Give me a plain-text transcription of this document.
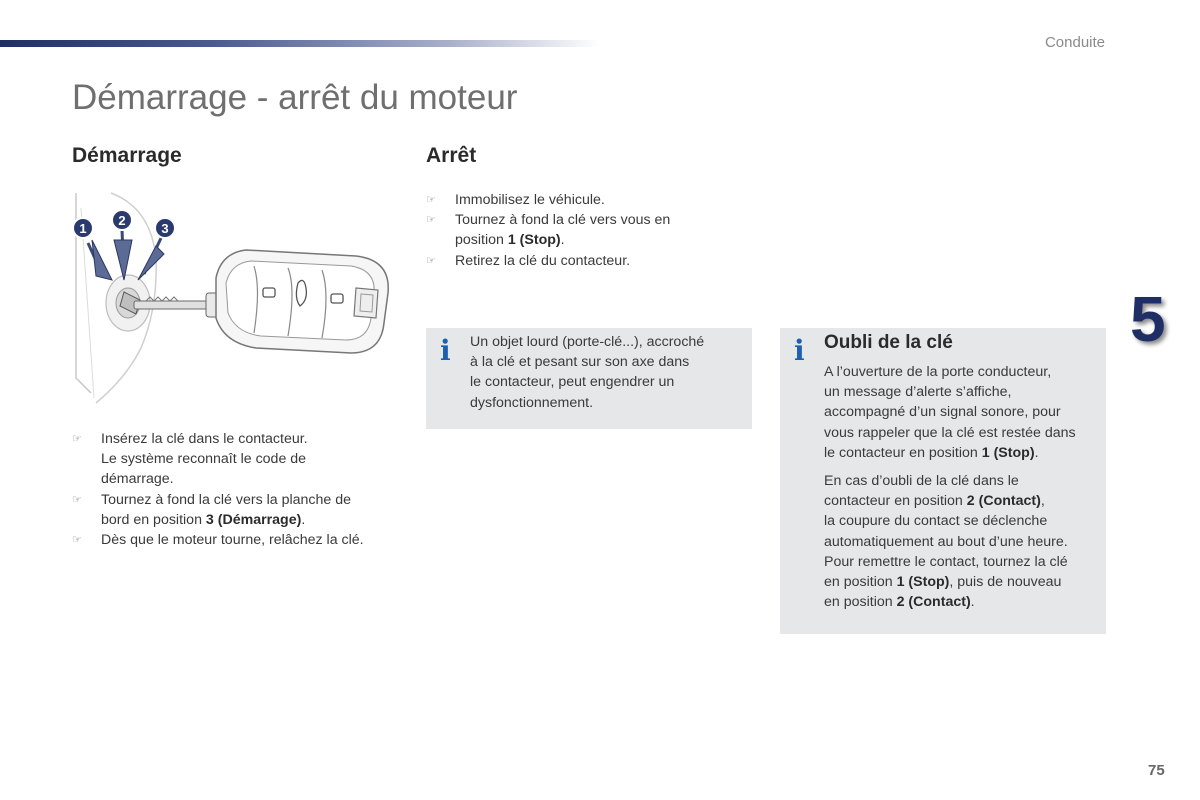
Conduite
Démarrage - arrêt du moteur
Démarrage	Arrêt
5
1
2
3
☞	Insérez la clé dans le contacteur.
Le système reconnaît le code de
démarrage.
☞	Tournez à fond la clé vers la planche de
bord en position 3 (Démarrage).
☞	Dès que le moteur tourne, relâchez la clé.
☞	Immobilisez le véhicule.
☞	Tournez à fond la clé vers vous en
position 1 (Stop).
☞	Retirez la clé du contacteur.
i Un objet lourd (porte-clé...), accroché
à la clé et pesant sur son axe dans
le contacteur, peut engendrer un
dysfonctionnement.
i Oubli de la clé

A l’ouverture de la porte conducteur,
un message d’alerte s’affiche,
accompagné d’un signal sonore, pour
vous rappeler que la clé est restée dans
le contacteur en position 1 (Stop).

En cas d’oubli de la clé dans le
contacteur en position 2 (Contact),
la coupure du contact se déclenche
automatiquement au bout d’une heure.
Pour remettre le contact, tournez la clé
en position 1 (Stop), puis de nouveau
en position 2 (Contact).

75
